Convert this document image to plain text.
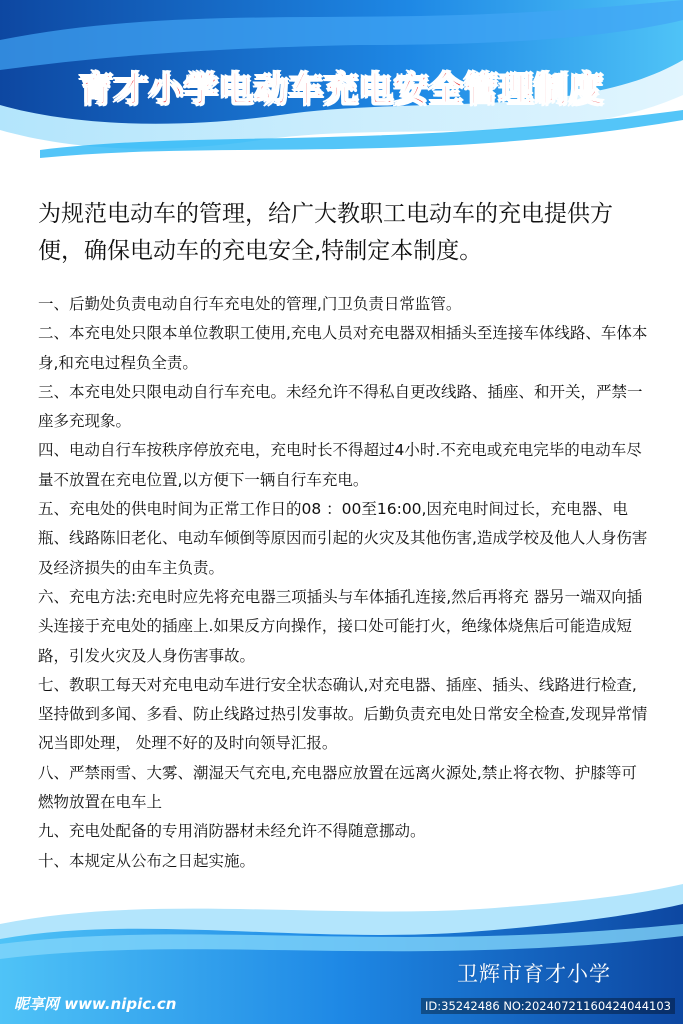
育才小学电动车充电安全管理制度
为规范电动车的管理，给广大教职工电动车的充电提供方便，确保电动车的充电安全,特制定本制度。
一、后勤处负责电动自行车充电处的管理,门卫负责日常监管。
二、本充电处只限本单位教职工使用,充电人员对充电器双相插头至连接车体线路、车体本身,和充电过程负全责。
三、本充电处只限电动自行车充电。未经允许不得私自更改线路、插座、和开关，严禁一座多充现象。
四、电动自行车按秩序停放充电，充电时长不得超过4小时.不充电或充电完毕的电动车尽量不放置在充电位置,以方便下一辆自行车充电。
五、充电处的供电时间为正常工作日的08 ：00至16:00,因充电时间过长，充电器、电瓶、线路陈旧老化、电动车倾倒等原因而引起的火灾及其他伤害,造成学校及他人人身伤害及经济损失的由车主负责。
六、充电方法:充电时应先将充电器三项插头与车体插孔连接,然后再将充 器另一端双向插头连接于充电处的插座上.如果反方向操作，接口处可能打火，绝缘体烧焦后可能造成短路，引发火灾及人身伤害事故。
七、教职工每天对充电电动车进行安全状态确认,对充电器、插座、插头、线路进行检查,坚持做到多闻、多看、防止线路过热引发事故。后勤负责充电处日常安全检查,发现异常情况当即处理， 处理不好的及时向领导汇报。
八、严禁雨雪、大雾、潮湿天气充电,充电器应放置在远离火源处,禁止将衣物、护膝等可燃物放置在电车上
九、充电处配备的专用消防器材未经允许不得随意挪动。
十、本规定从公布之日起实施。
卫辉市育才小学
昵享网 www.nipic.cn	ID:35242486 NO:20240721160424044103
